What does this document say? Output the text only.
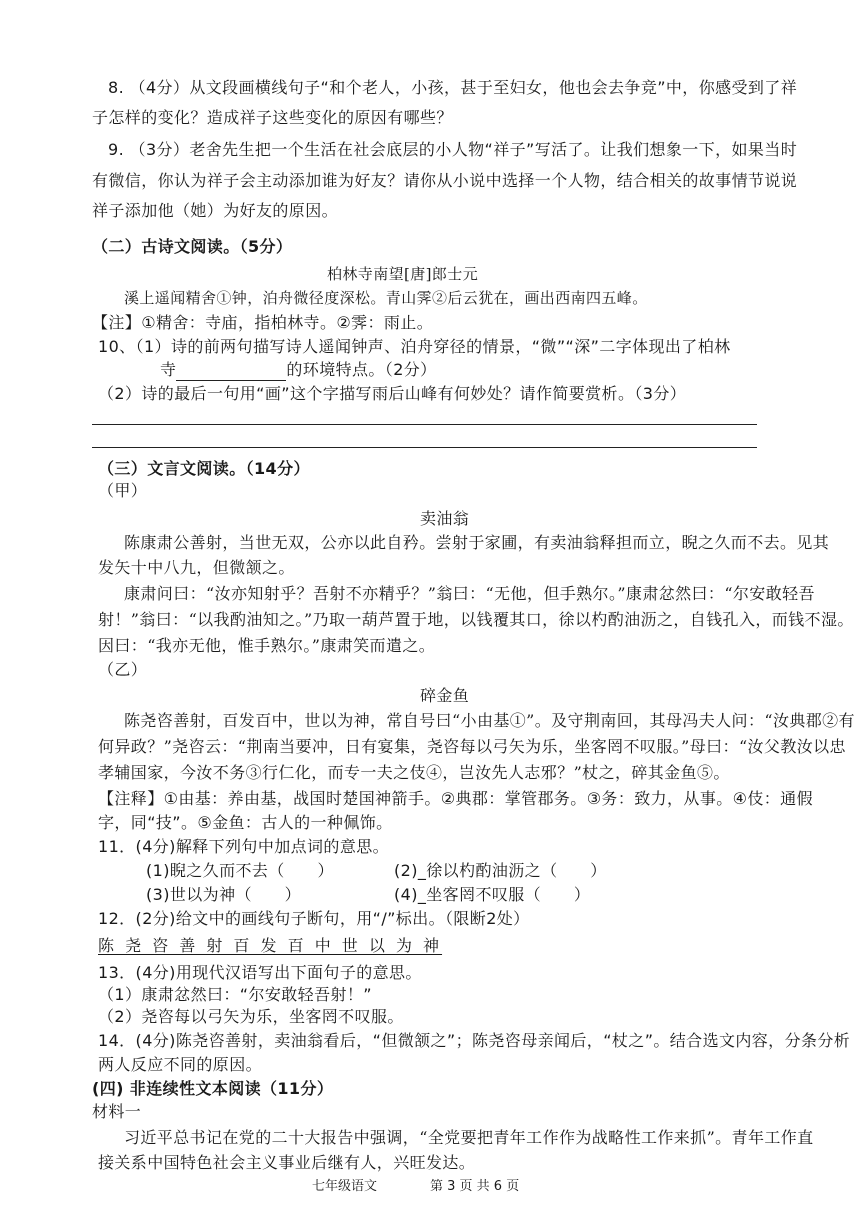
8. （4分）从文段画横线句子“和个老人，小孩，甚于至妇女，他也会去争竞”中，你感受到了祥
子怎样的变化？造成祥子这些变化的原因有哪些？
9. （3分）老舍先生把一个生活在社会底层的小人物“祥子”写活了。让我们想象一下，如果当时
有微信，你认为祥子会主动添加谁为好友？请你从小说中选择一个人物，结合相关的故事情节说说
祥子添加他（她）为好友的原因。
（二）古诗文阅读。（5分）
柏林寺南望[唐]郎士元
溪上遥闻精舍①钟，泊舟微径度深松。青山霁②后云犹在，画出西南四五峰。
【注】①精舍：寺庙，指柏林寺。②霁：雨止。
10、（1）诗的前两句描写诗人遥闻钟声、泊舟穿径的情景，“微”“深”二字体现出了柏林
寺	的环境特点。（2分）
（2）诗的最后一句用“画”这个字描写雨后山峰有何妙处？请作简要赏析。（3分）
（三）文言文阅读。（14分）
（甲）
卖油翁
陈康肃公善射，当世无双，公亦以此自矜。尝射于家圃，有卖油翁释担而立，睨之久而不去。见其
发矢十中八九，但微颔之。
康肃问曰：“汝亦知射乎？吾射不亦精乎？”翁曰：“无他，但手熟尔。”康肃忿然曰：“尔安敢轻吾
射！”翁曰：“以我酌油知之。”乃取一葫芦置于地，以钱覆其口，徐以杓酌油沥之，自钱孔入，而钱不湿。
因曰：“我亦无他，惟手熟尔。”康肃笑而遣之。
（乙）
碎金鱼
陈尧咨善射，百发百中，世以为神，常自号曰“小由基①”。及守荆南回，其母冯夫人问：“汝典郡②有
何异政？”尧咨云：“荆南当要冲，日有宴集，尧咨每以弓矢为乐，坐客罔不叹服。”母曰：“汝父教汝以忠
孝辅国家，今汝不务③行仁化，而专一夫之伎④，岂汝先人志邪？”杖之，碎其金鱼⑤。
【注释】①由基：养由基，战国时楚国神箭手。②典郡：掌管郡务。③务：致力，从事。④伎：通假
字，同“技”。⑤金鱼：古人的一种佩饰。
11．(4分)解释下列句中加点词的意思。
(1)睨之久而不去（　　）	(2)_徐以杓酌油沥之（　　）
(3)世以为神（　　）	(4)_坐客罔不叹服（　　）
12．(2分)给文中的画线句子断句，用“/”标出。（限断2处）
陈 尧 咨 善 射 百 发 百 中 世 以 为 神
13．(4分)用现代汉语写出下面句子的意思。
（1）康肃忿然曰：“尔安敢轻吾射！”
（2）尧咨每以弓矢为乐，坐客罔不叹服。
14．(4分)陈尧咨善射，卖油翁看后，“但微颔之”；陈尧咨母亲闻后，“杖之”。结合选文内容，分条分析
两人反应不同的原因。
(四) 非连续性文本阅读（11分）
材料一
习近平总书记在党的二十大报告中强调，“全党要把青年工作作为战略性工作来抓”。青年工作直
接关系中国特色社会主义事业后继有人，兴旺发达。
七年级语文	第 3 页 共 6 页
